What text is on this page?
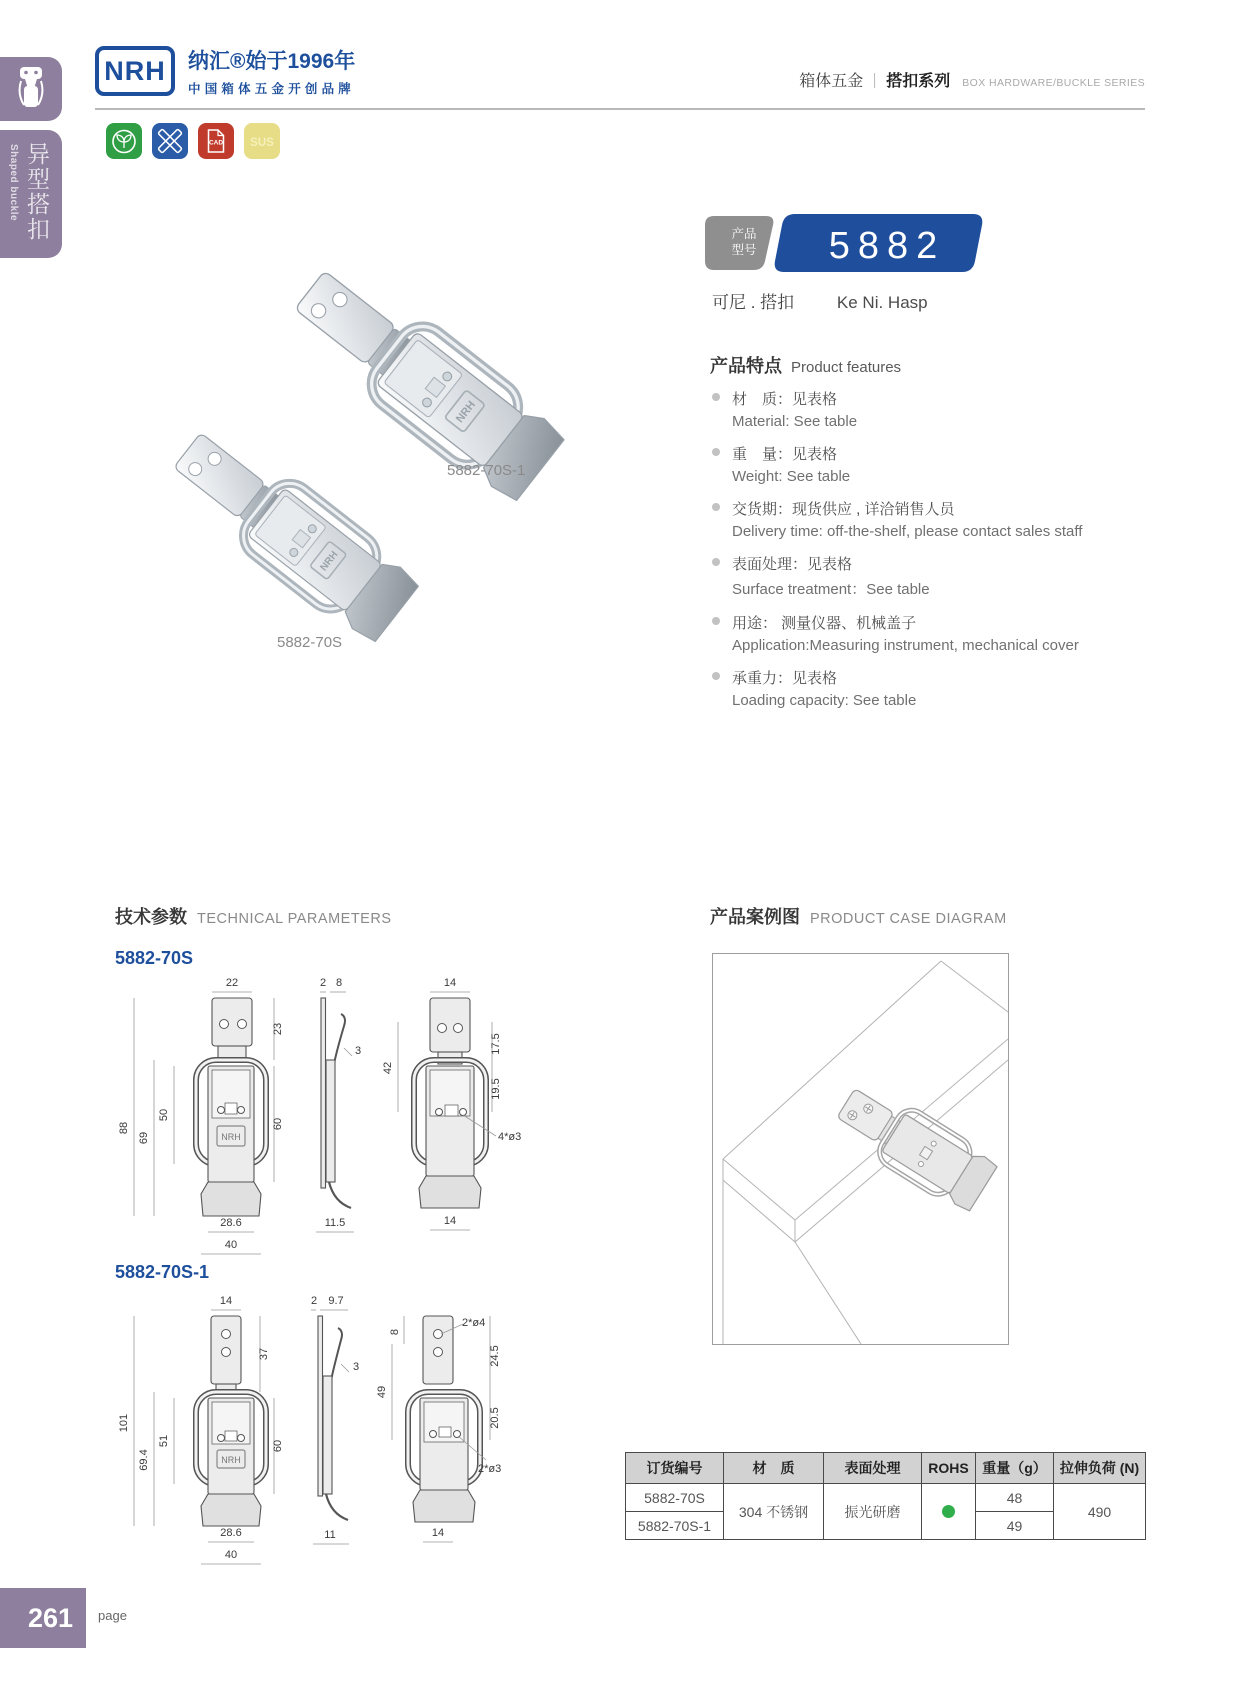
异型搭扣
Shaped buckle
NRH	纳汇®始于1996年
中国箱体五金开创品牌	箱体五金 ｜ 搭扣系列 BOX HARDWARE/BUCKLE SERIES
CAD SUS
NRH
5882-70S-1
5882-70S
产品
型号 5882
可尼 . 搭扣	Ke Ni. Hasp
产品特点 Product features
材　质：见表格
Material: See table
重　量：见表格
Weight: See table
交货期：现货供应 , 详洽销售人员
Delivery time: off-the-shelf, please contact sales staff
表面处理：见表格
Surface treatment：See table
用途： 测量仪器、机械盖子
Application:Measuring instrument, mechanical cover
承重力：见表格
Loading capacity: See table
技术参数 TECHNICAL PARAMETERS
5882-70S
22
NRH
88
69
50
23
60
28.6
40
2 8
3
11.5
14
42
17.5
19.5
4*ø3
14
5882-70S-1
14
37
NRH
101
69.4
51	60
28.6
40
2 9.7
3
11
2*ø4
8
49
24.5
20.5
2*ø3
14
产品案例图 PRODUCT CASE DIAGRAM
订货编号	材　质	表面处理	ROHS	重量（g）	拉伸负荷 (N)
5882-70S	304 不锈钢	振光研磨		48	490
5882-70S-1				49	
261	page
